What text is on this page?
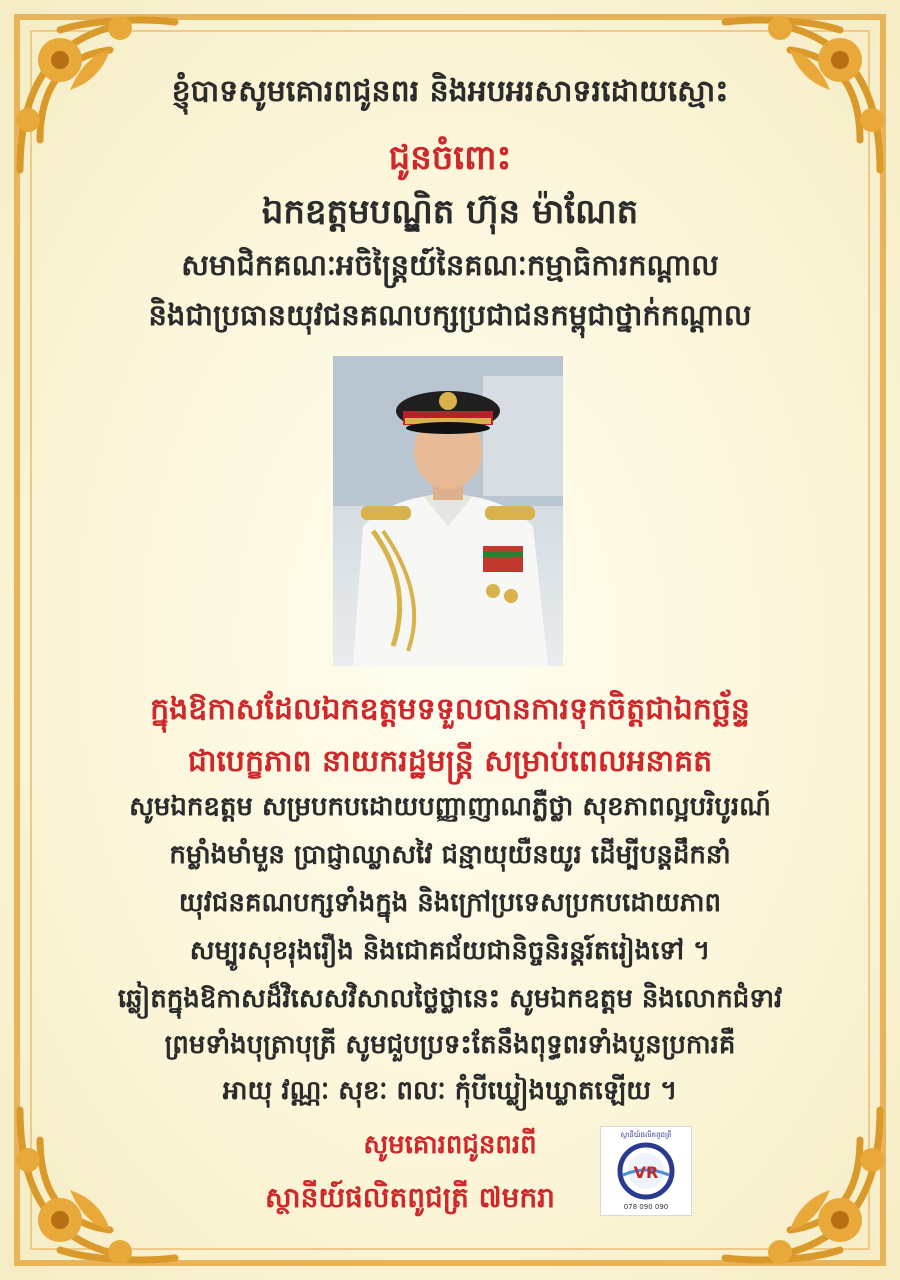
ខ្ញុំបាទសូមគោរពជូនពរ និងអបអរសាទរដោយស្មោះ
ជូនចំពោះ
ឯកឧត្តមបណ្ឌិត ហ៊ុន ម៉ាណែត
សមាជិកគណៈអចិន្ត្រៃយ៍នៃគណៈកម្មាធិការកណ្តាល
និងជាប្រធានយុវជនគណបក្សប្រជាជនកម្ពុជាថ្នាក់កណ្តាល
ក្នុងឱកាសដែលឯកឧត្តមទទួលបានការទុកចិត្តជាឯកច្ឆ័ន្ទ
ជាបេក្ខភាព នាយករដ្ឋមន្ត្រី សម្រាប់ពេលអនាគត
សូមឯកឧត្តម សម្របកបដោយបញ្ញាញាណភ្លឺថ្លា សុខភាពល្អបរិបូរណ៍
កម្លាំងមាំមួន ប្រាជ្ញាឈ្លាសវៃ ជន្មាយុយឺនយូរ ដើម្បីបន្តដឹកនាំ
យុវជនគណបក្សទាំងក្នុង និងក្រៅប្រទេសប្រកបដោយភាព
សម្បូរសុខរុងរឿង និងជោគជ័យជានិច្ចនិរន្តរ៍តរៀងទៅ ។
ឆ្លៀតក្នុងឱកាសដ៏វិសេសវិសាលថ្លៃថ្លានេះ សូមឯកឧត្តម និងលោកជំទាវ
ព្រមទាំងបុត្រាបុត្រី សូមជួបប្រទះតែនឹងពុទ្ធពរទាំងបួនប្រការគឺ
អាយុ វណ្ណៈ សុខៈ ពលៈ កុំបីឃ្លៀងឃ្លាតឡើយ ។
សូមគោរពជូនពរពី
ស្ថានីយ៍ផលិតពូជត្រី ៧មករា
ស្ថានីយ៍ផលិតពូជត្រី
VR
078 090 090
